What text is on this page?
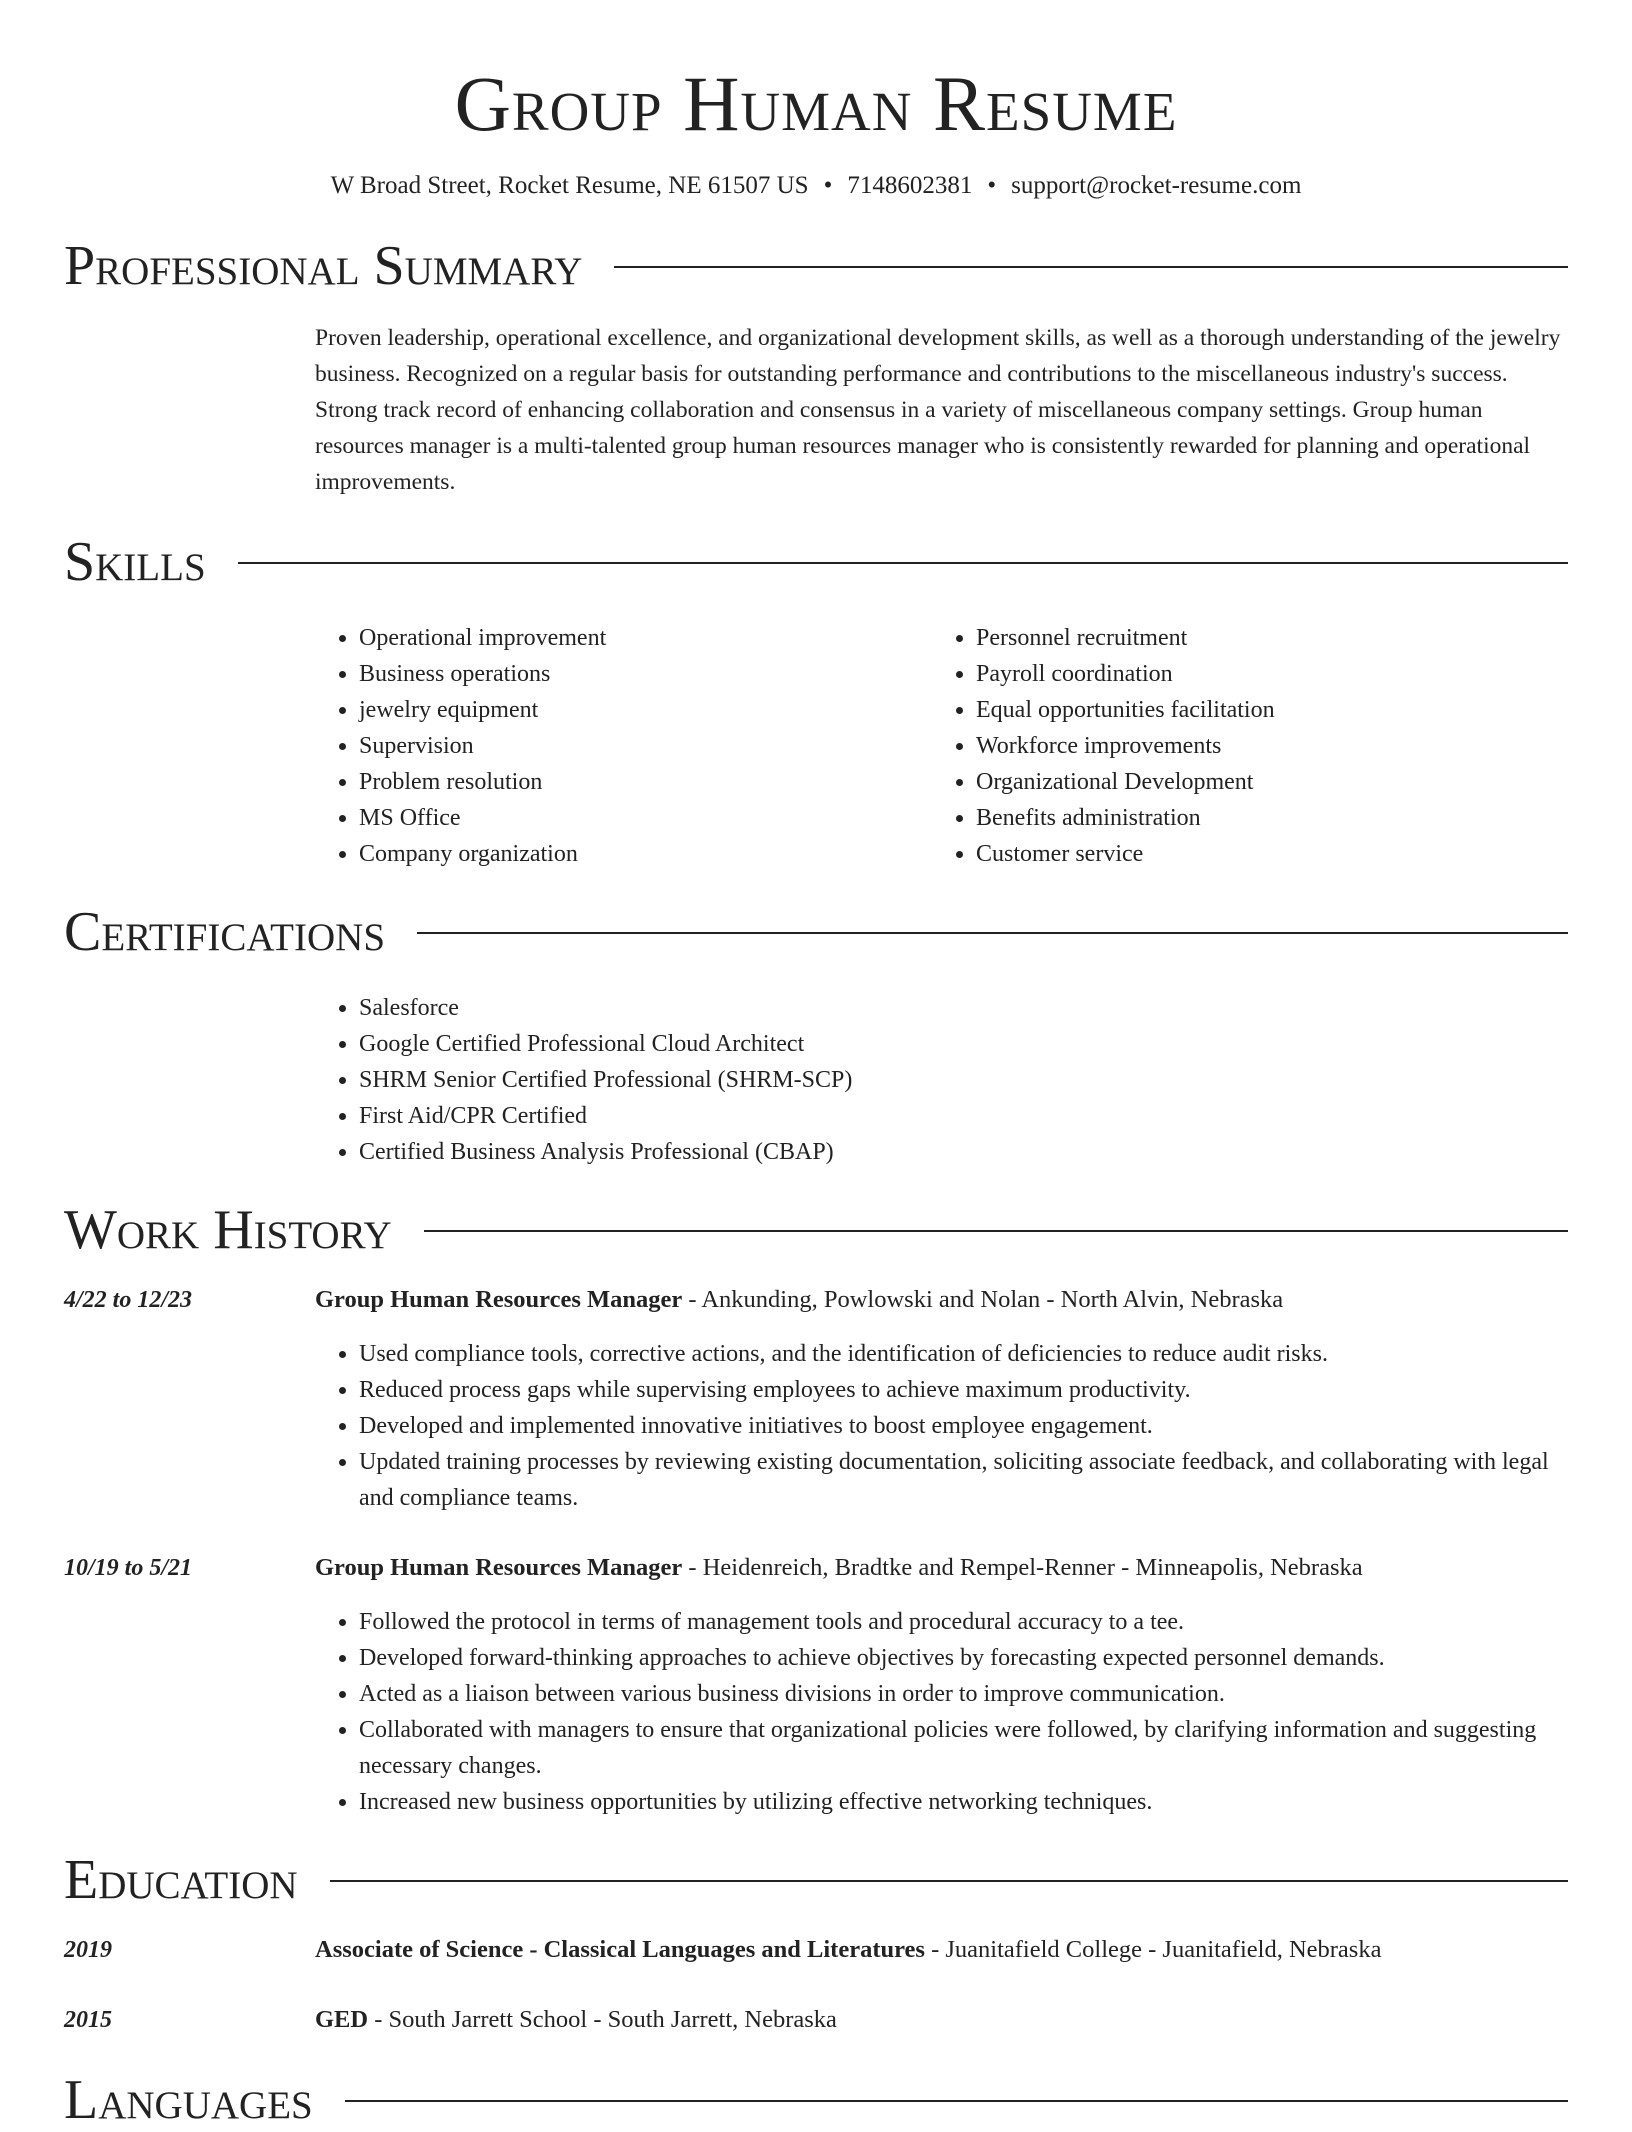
Group Human Resume
W Broad Street, Rocket Resume, NE 61507 US • 7148602381 • support@rocket-resume.com
Professional Summary
Proven leadership, operational excellence, and organizational development skills, as well as a thorough understanding of the jewelry business. Recognized on a regular basis for outstanding performance and contributions to the miscellaneous industry's success. Strong track record of enhancing collaboration and consensus in a variety of miscellaneous company settings. Group human resources manager is a multi-talented group human resources manager who is consistently rewarded for planning and operational improvements.
Skills
• Operational improvement
• Business operations
• jewelry equipment
• Supervision
• Problem resolution
• MS Office
• Company organization
• Personnel recruitment
• Payroll coordination
• Equal opportunities facilitation
• Workforce improvements
• Organizational Development
• Benefits administration
• Customer service
Certifications
• Salesforce
• Google Certified Professional Cloud Architect
• SHRM Senior Certified Professional (SHRM-SCP)
• First Aid/CPR Certified
• Certified Business Analysis Professional (CBAP)
Work History
4/22 to 12/23	Group Human Resources Manager - Ankunding, Powlowski and Nolan - North Alvin, Nebraska
• Used compliance tools, corrective actions, and the identification of deficiencies to reduce audit risks.
• Reduced process gaps while supervising employees to achieve maximum productivity.
• Developed and implemented innovative initiatives to boost employee engagement.
• Updated training processes by reviewing existing documentation, soliciting associate feedback, and collaborating with legal and compliance teams.
10/19 to 5/21	Group Human Resources Manager - Heidenreich, Bradtke and Rempel-Renner - Minneapolis, Nebraska
• Followed the protocol in terms of management tools and procedural accuracy to a tee.
• Developed forward-thinking approaches to achieve objectives by forecasting expected personnel demands.
• Acted as a liaison between various business divisions in order to improve communication.
• Collaborated with managers to ensure that organizational policies were followed, by clarifying information and suggesting necessary changes.
• Increased new business opportunities by utilizing effective networking techniques.
Education
2019	Associate of Science - Classical Languages and Literatures - Juanitafield College - Juanitafield, Nebraska
2015	GED - South Jarrett School - South Jarrett, Nebraska
Languages
